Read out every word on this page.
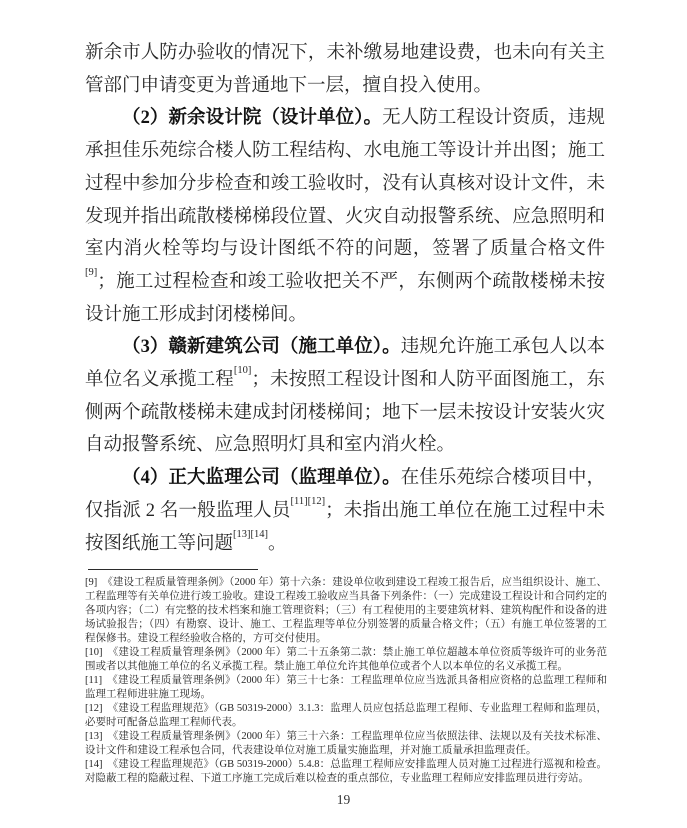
新余市人防办验收的情况下，未补缴易地建设费，也未向有关主管部门申请变更为普通地下一层，擅自投入使用。

（2）新余设计院（设计单位）。无人防工程设计资质，违规承担佳乐苑综合楼人防工程结构、水电施工等设计并出图；施工过程中参加分步检查和竣工验收时，没有认真核对设计文件，未发现并指出疏散楼梯梯段位置、火灾自动报警系统、应急照明和室内消火栓等均与设计图纸不符的问题，签署了质量合格文件[9]；施工过程检查和竣工验收把关不严，东侧两个疏散楼梯未按设计施工形成封闭楼梯间。

（3）赣新建筑公司（施工单位）。违规允许施工承包人以本单位名义承揽工程[10]；未按照工程设计图和人防平面图施工，东侧两个疏散楼梯未建成封闭楼梯间；地下一层未按设计安装火灾自动报警系统、应急照明灯具和室内消火栓。

（4）正大监理公司（监理单位）。在佳乐苑综合楼项目中，仅指派 2 名一般监理人员[11][12]；未指出施工单位在施工过程中未按图纸施工等问题[13][14]。

[9] 《建设工程质量管理条例》（2000 年）第十六条：建设单位收到建设工程竣工报告后，应当组织设计、施工、工程监理等有关单位进行竣工验收。建设工程竣工验收应当具备下列条件：（一）完成建设工程设计和合同约定的各项内容；（二）有完整的技术档案和施工管理资料；（三）有工程使用的主要建筑材料、建筑构配件和设备的进场试验报告；（四）有勘察、设计、施工、工程监理等单位分别签署的质量合格文件；（五）有施工单位签署的工程保修书。建设工程经验收合格的，方可交付使用。
[10] 《建设工程质量管理条例》（2000 年）第二十五条第二款：禁止施工单位超越本单位资质等级许可的业务范围或者以其他施工单位的名义承揽工程。禁止施工单位允许其他单位或者个人以本单位的名义承揽工程。
[11] 《建设工程质量管理条例》（2000 年）第三十七条：工程监理单位应当选派具备相应资格的总监理工程师和监理工程师进驻施工现场。
[12] 《建设工程监理规范》（GB 50319-2000）3.1.3：监理人员应包括总监理工程师、专业监理工程师和监理员，必要时可配备总监理工程师代表。
[13] 《建设工程质量管理条例》（2000 年）第三十六条：工程监理单位应当依照法律、法规以及有关技术标准、设计文件和建设工程承包合同，代表建设单位对施工质量实施监理，并对施工质量承担监理责任。
[14] 《建设工程监理规范》（GB 50319-2000）5.4.8：总监理工程师应安排监理人员对施工过程进行巡视和检查。对隐蔽工程的隐蔽过程、下道工序施工完成后难以检查的重点部位，专业监理工程师应安排监理员进行旁站。
19
